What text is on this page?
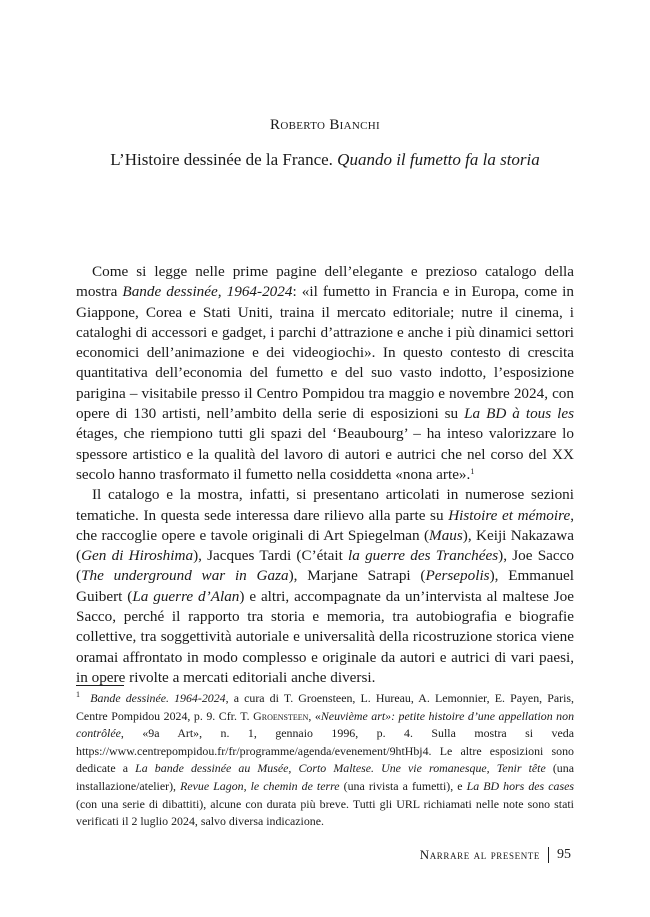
Roberto Bianchi
L’Histoire dessinée de la France. Quando il fumetto fa la storia

Come si legge nelle prime pagine dell’elegante e prezioso catalogo della mostra Bande dessinée, 1964-2024: «il fumetto in Francia e in Europa, come in Giappone, Corea e Stati Uniti, traina il mercato editoriale; nutre il cinema, i cataloghi di accessori e gadget, i parchi d’attrazione e anche i più dinamici settori economici dell’animazione e dei videogiochi». In questo contesto di crescita quantitativa dell’economia del fumetto e del suo vasto indotto, l’esposizione parigina – visitabile presso il Centro Pompidou tra maggio e novembre 2024, con opere di 130 artisti, nell’ambito della serie di esposizioni su La BD à tous les étages, che riempiono tutti gli spazi del ‘Beaubourg’ – ha inteso valorizzare lo spessore artistico e la qualità del lavoro di autori e autrici che nel corso del XX secolo hanno trasformato il fumetto nella cosiddetta «nona arte».$^1$

Il catalogo e la mostra, infatti, si presentano articolati in numerose sezioni tematiche. In questa sede interessa dare rilievo alla parte su Histoire et mémoire, che raccoglie opere e tavole originali di Art Spiegelman (Maus), Keiji Nakazawa (Gen di Hiroshima), Jacques Tardi (C’était la guerre des Tranchées), Joe Sacco (The underground war in Gaza), Marjane Satrapi (Persepolis), Emmanuel Guibert (La guerre d’Alan) e altri, accompagnate da un’intervista al maltese Joe Sacco, perché il rapporto tra storia e memoria, tra autobiografia e biografie collettive, tra soggettività autoriale e universalità della ricostruzione storica viene oramai affrontato in modo complesso e originale da autori e autrici di vari paesi, in opere rivolte a mercati editoriali anche diversi.

$^1$ Bande dessinée. 1964-2024, a cura di T. Groensteen, L. Hureau, A. Lemonnier, E. Payen, Paris, Centre Pompidou 2024, p. 9. Cfr. T. Groensteen, «Neuvième art»: petite histoire d’une appellation non contrôlée, «9a Art», n. 1, gennaio 1996, p. 4. Sulla mostra si veda https://www.centrepompidou.fr/fr/programme/agenda/evenement/9htHbj4. Le altre esposizioni sono dedicate a La bande dessinée au Musée, Corto Maltese. Une vie romanesque, Tenir tête (una installazione/atelier), Revue Lagon, le chemin de terre (una rivista a fumetti), e La BD hors des cases (con una serie di dibattiti), alcune con durata più breve. Tutti gli URL richiamati nelle note sono stati verificati il 2 luglio 2024, salvo diversa indicazione.

Narrare al presente 95
